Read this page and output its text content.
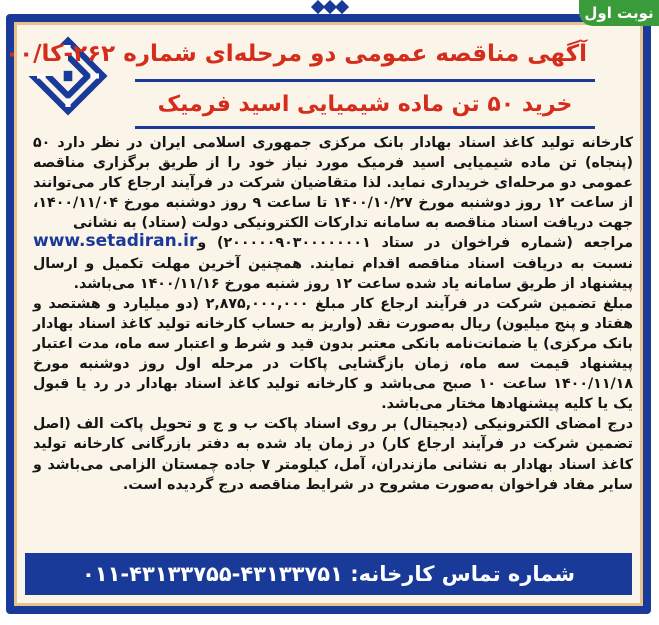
آگهی مناقصه عمومی دو مرحله‌ای شماره ۲۶۲-کا/۰۰
خرید ۵۰ تن ماده شیمیایی اسید فرمیک

کارخانه تولید کاغذ اسناد بهادار بانک مرکزی جمهوری اسلامی ایران در نظر دارد ۵۰ (پنجاه) تن ماده شیمیایی اسید فرمیک مورد نیاز خود را از طریق برگزاری مناقصه عمومی دو مرحله‌ای خریداری نماید. لذا متقاضیان شرکت در فرآیند ارجاع کار می‌توانند از ساعت ۱۲ روز دوشنبه مورخ ۱۴۰۰/۱۰/۲۷ تا ساعت ۹ روز دوشنبه مورخ ۱۴۰۰/۱۱/۰۴، جهت دریافت اسناد مناقصه به سامانه تدارکات الکترونیکی دولت (ستاد) به نشانی
www.setadiran.ir مراجعه (شماره فراخوان در ستاد ۲۰۰۰۰۰۹۰۳۰۰۰۰۰۰۰۱) و نسبت به دریافت اسناد مناقصه اقدام نمایند. همچنین آخرین مهلت تکمیل و ارسال پیشنهاد از طریق سامانه یاد شده ساعت ۱۲ روز شنبه مورخ ۱۴۰۰/۱۱/۱۶ می‌باشد.

مبلغ تضمین شرکت در فرآیند ارجاع کار مبلغ ۲,۸۷۵,۰۰۰,۰۰۰ (دو میلیارد و هشتصد و هفتاد و پنج میلیون) ریال به‌صورت نقد (واریز به حساب کارخانه تولید کاغذ اسناد بهادار بانک مرکزی) یا ضمانت‌نامه بانکی معتبر بدون قید و شرط و اعتبار سه ماه، مدت اعتبار پیشنهاد قیمت سه ماه، زمان بازگشایی پاکات در مرحله اول روز دوشنبه مورخ ۱۴۰۰/۱۱/۱۸ ساعت ۱۰ صبح می‌باشد و کارخانه تولید کاغذ اسناد بهادار در رد یا قبول یک یا کلیه پیشنهادها مختار می‌باشد.

درج امضای الکترونیکی (دیجیتال) بر روی اسناد پاکت ب و ج و تحویل پاکت الف (اصل تضمین شرکت در فرآیند ارجاع کار) در زمان یاد شده به دفتر بازرگانی کارخانه تولید کاغذ اسناد بهادار به نشانی مازندران، آمل، کیلومتر ۷ جاده چمستان الزامی می‌باشد و سایر مفاد فراخوان به‌صورت مشروح در شرایط مناقصه درج گردیده است.

شماره تماس کارخانه: ۴۳۱۳۳۷۵۱-۴۳۱۳۳۷۵۵-۰۱۱
نوبت اول
